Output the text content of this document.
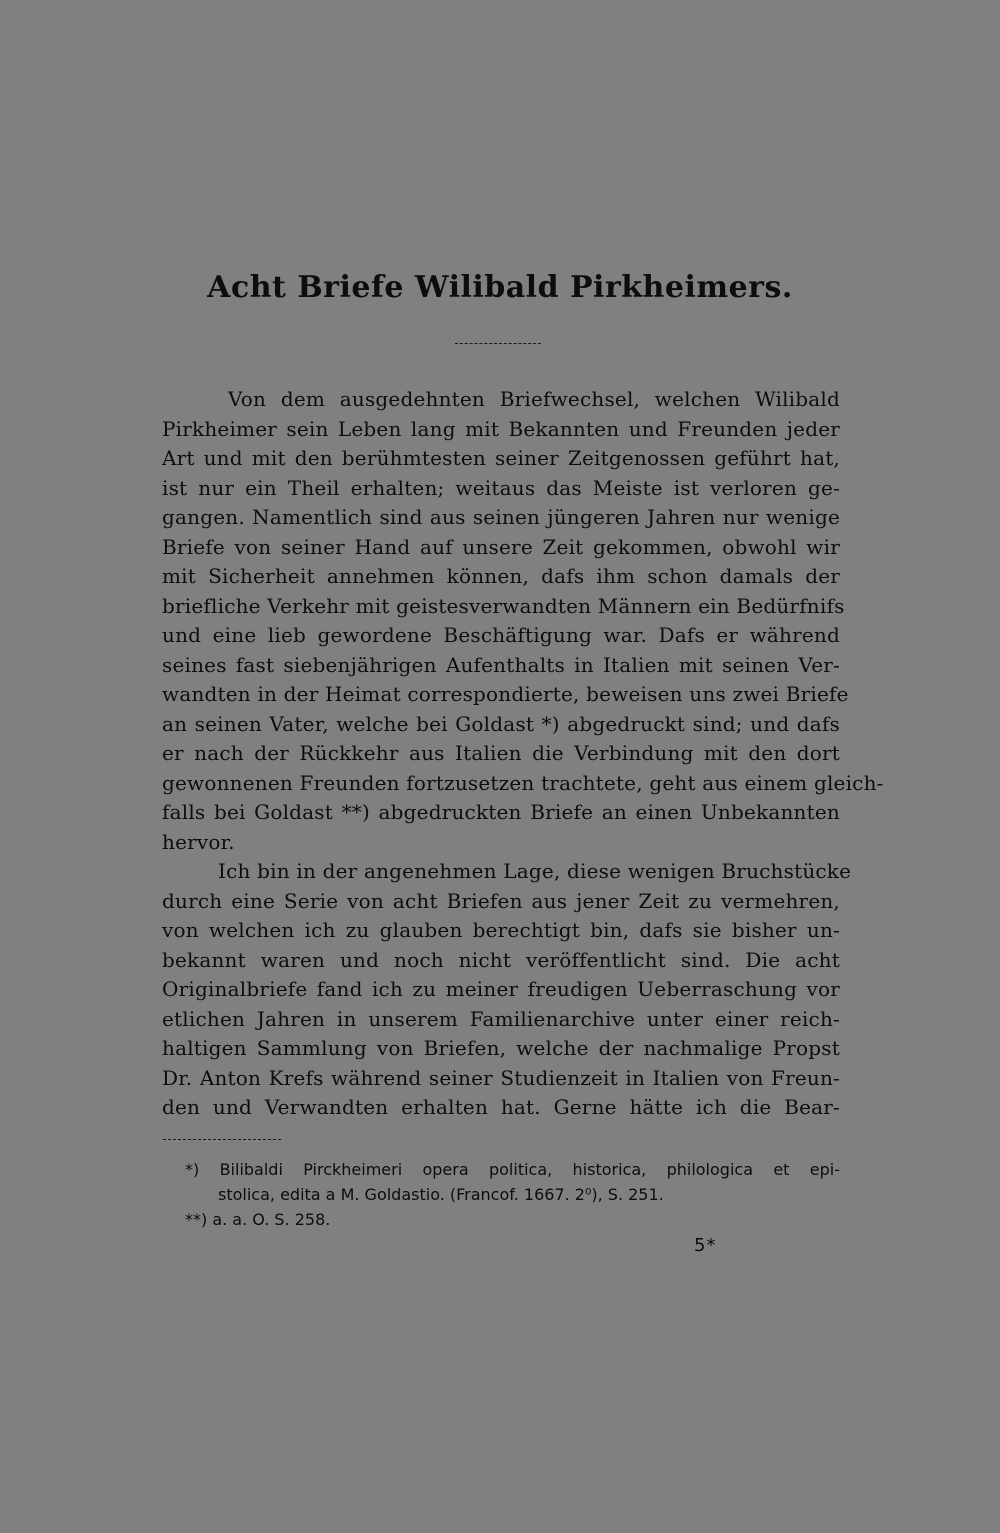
Acht Briefe Wilibald Pirkheimers.
Von dem ausgedehnten Briefwechsel, welchen Wilibald
Pirkheimer sein Leben lang mit Bekannten und Freunden jeder
Art und mit den berühmtesten seiner Zeitgenossen geführt hat,
ist nur ein Theil erhalten; weitaus das Meiste ist verloren ge-
gangen. Namentlich sind aus seinen jüngeren Jahren nur wenige
Briefe von seiner Hand auf unsere Zeit gekommen, obwohl wir
mit Sicherheit annehmen können, dafs ihm schon damals der
briefliche Verkehr mit geistesverwandten Männern ein Bedürfnifs
und eine lieb gewordene Beschäftigung war. Dafs er während
seines fast siebenjährigen Aufenthalts in Italien mit seinen Ver-
wandten in der Heimat correspondierte, beweisen uns zwei Briefe
an seinen Vater, welche bei Goldast *) abgedruckt sind; und dafs
er nach der Rückkehr aus Italien die Verbindung mit den dort
gewonnenen Freunden fortzusetzen trachtete, geht aus einem gleich-
falls bei Goldast **) abgedruckten Briefe an einen Unbekannten
hervor.
Ich bin in der angenehmen Lage, diese wenigen Bruchstücke
durch eine Serie von acht Briefen aus jener Zeit zu vermehren,
von welchen ich zu glauben berechtigt bin, dafs sie bisher un-
bekannt waren und noch nicht veröffentlicht sind. Die acht
Originalbriefe fand ich zu meiner freudigen Ueberraschung vor
etlichen Jahren in unserem Familienarchive unter einer reich-
haltigen Sammlung von Briefen, welche der nachmalige Propst
Dr. Anton Krefs während seiner Studienzeit in Italien von Freun-
den und Verwandten erhalten hat. Gerne hätte ich die Bear-
*) Bilibaldi Pirckheimeri opera politica, historica, philologica et epi-
stolica, edita a M. Goldastio. (Francof. 1667. 2⁰), S. 251.
**) a. a. O. S. 258.
5*
